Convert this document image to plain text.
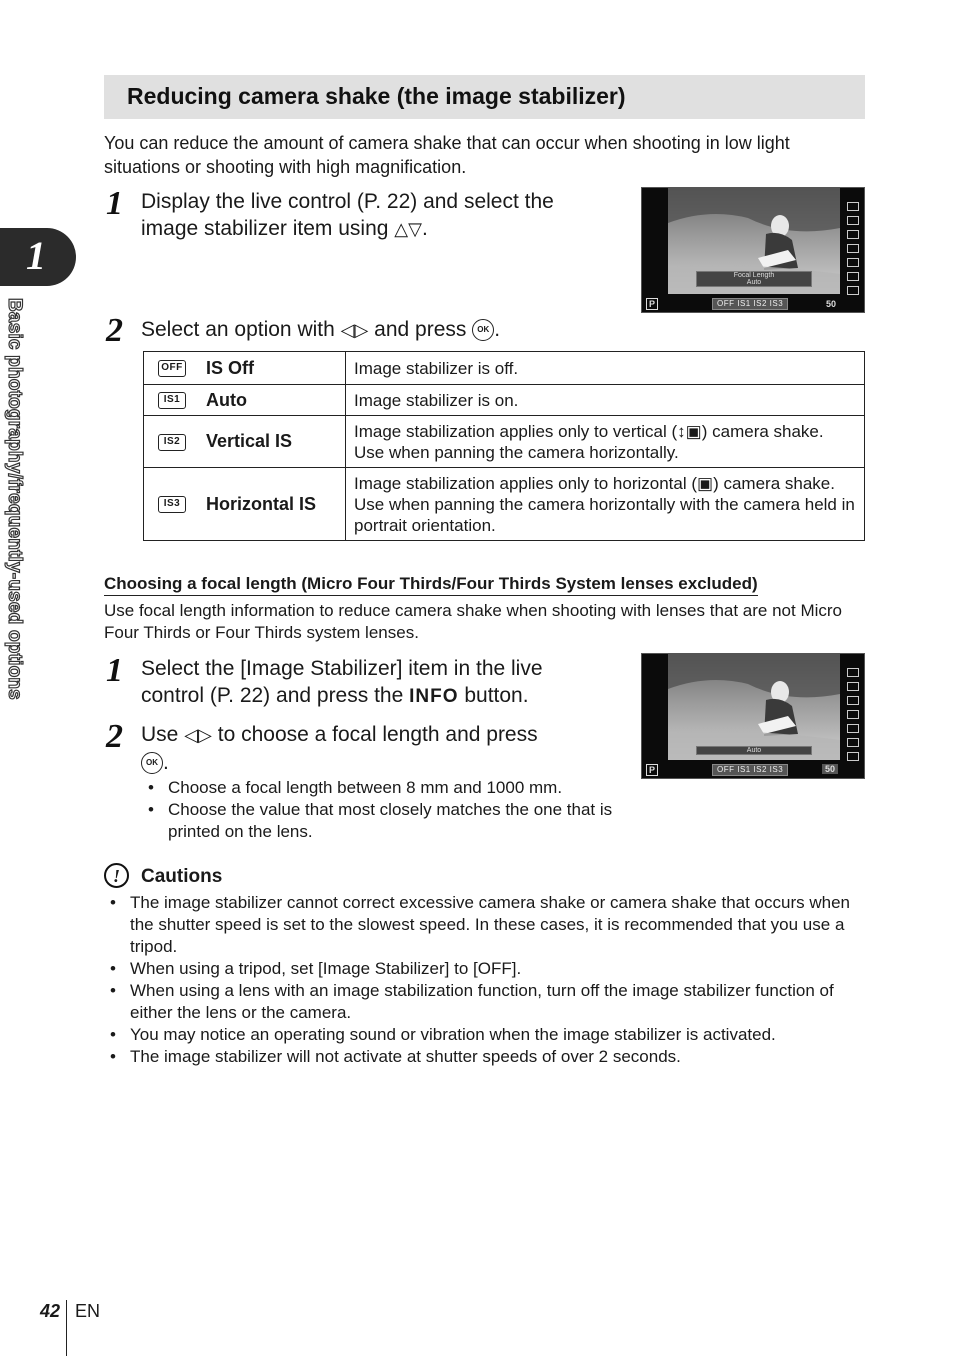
1
Basic photography/frequently-used options
Reducing camera shake (the image stabilizer)
You can reduce the amount of camera shake that can occur when shooting in low light situations or shooting with high magnification.
1 Display the live control (P. 22) and select the
image stabilizer item using △▽.
Focal Length
Auto
P	OFF IS1 IS2 IS3	50
2 Select an option with ◁▷ and press OK .
OFF IS Off	Image stabilizer is off.
IS1 Auto	Image stabilizer is on.
IS2 Vertical IS	Image stabilization applies only to vertical (↕▣) camera shake. Use when panning the camera horizontally.
IS3 Horizontal IS	Image stabilization applies only to horizontal (▣) camera shake. Use when panning the camera horizontally with the camera held in portrait orientation.
Choosing a focal length (Micro Four Thirds/Four Thirds System lenses excluded)
Use focal length information to reduce camera shake when shooting with lenses that are not Micro Four Thirds or Four Thirds system lenses.
1 Select the [Image Stabilizer] item in the live
control (P. 22) and press the INFO button.
2 Use ◁▷ to choose a focal length and press
OK .
• Choose a focal length between 8 mm and 1000 mm.
• Choose the value that most closely matches the one that is printed on the lens.
Auto
P	OFF IS1 IS2 IS3	50
!	Cautions
• The image stabilizer cannot correct excessive camera shake or camera shake that occurs when the shutter speed is set to the slowest speed. In these cases, it is recommended that you use a tripod.
• When using a tripod, set [Image Stabilizer] to [OFF].
• When using a lens with an image stabilization function, turn off the image stabilizer function of either the lens or the camera.
• You may notice an operating sound or vibration when the image stabilizer is activated.
• The image stabilizer will not activate at shutter speeds of over 2 seconds.
42 EN
